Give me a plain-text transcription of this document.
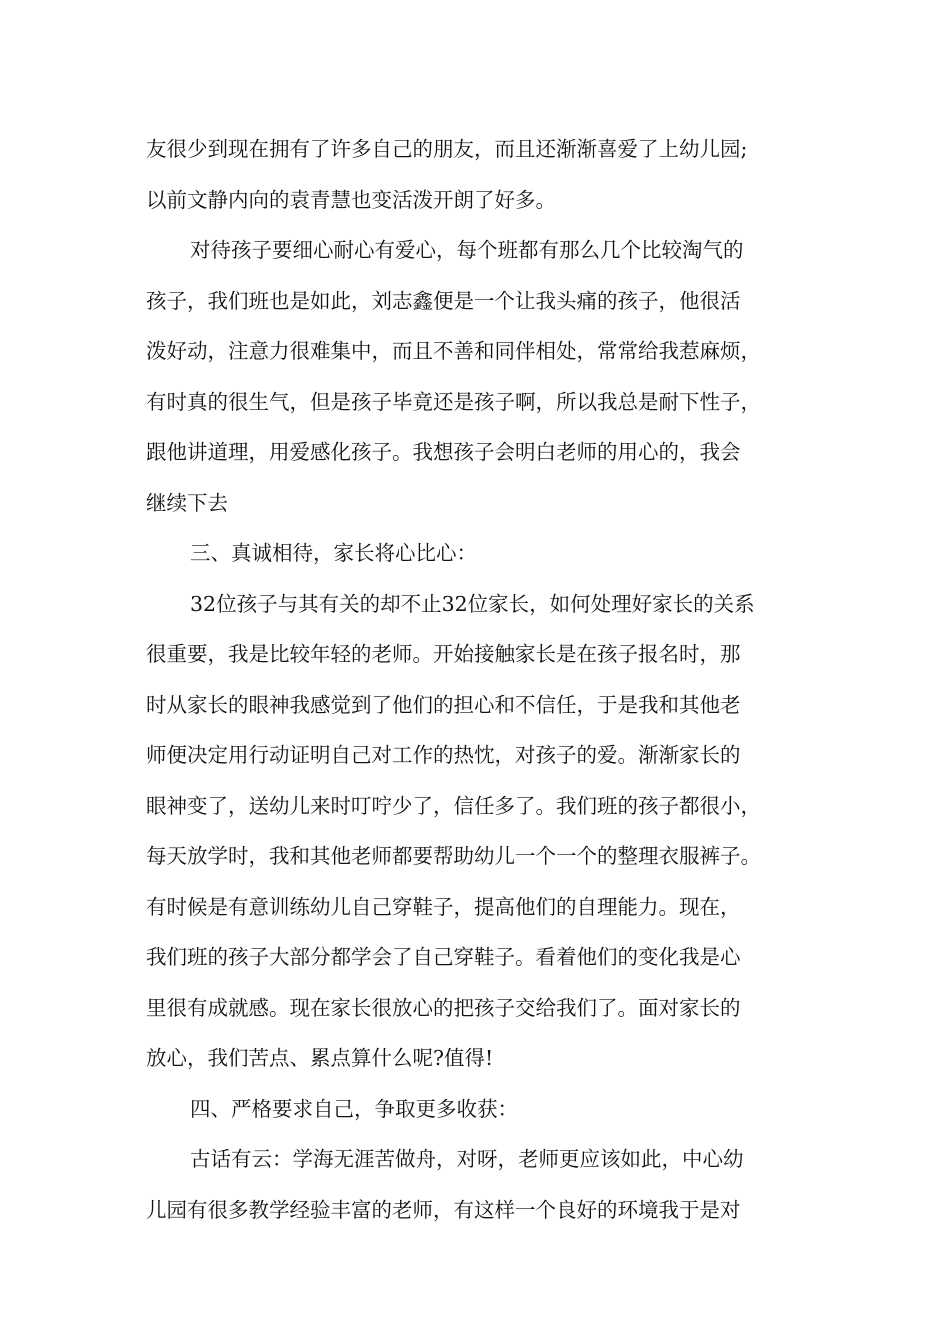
友很少到现在拥有了许多自己的朋友，而且还渐渐喜爱了上幼儿园;
以前文静内向的袁青慧也变活泼开朗了好多。
对待孩子要细心耐心有爱心，每个班都有那么几个比较淘气的
孩子，我们班也是如此，刘志鑫便是一个让我头痛的孩子，他很活
泼好动，注意力很难集中，而且不善和同伴相处，常常给我惹麻烦，
有时真的很生气，但是孩子毕竟还是孩子啊，所以我总是耐下性子，
跟他讲道理，用爱感化孩子。我想孩子会明白老师的用心的，我会
继续下去
三、真诚相待，家长将心比心：
32位孩子与其有关的却不止32位家长，如何处理好家长的关系
很重要，我是比较年轻的老师。开始接触家长是在孩子报名时，那
时从家长的眼神我感觉到了他们的担心和不信任，于是我和其他老
师便决定用行动证明自己对工作的热忱，对孩子的爱。渐渐家长的
眼神变了，送幼儿来时叮咛少了，信任多了。我们班的孩子都很小，
每天放学时，我和其他老师都要帮助幼儿一个一个的整理衣服裤子。
有时候是有意训练幼儿自己穿鞋子，提高他们的自理能力。现在，
我们班的孩子大部分都学会了自己穿鞋子。看着他们的变化我是心
里很有成就感。现在家长很放心的把孩子交给我们了。面对家长的
放心，我们苦点、累点算什么呢?值得!
四、严格要求自己，争取更多收获：
古话有云：学海无涯苦做舟，对呀，老师更应该如此，中心幼
儿园有很多教学经验丰富的老师，有这样一个良好的环境我于是对
